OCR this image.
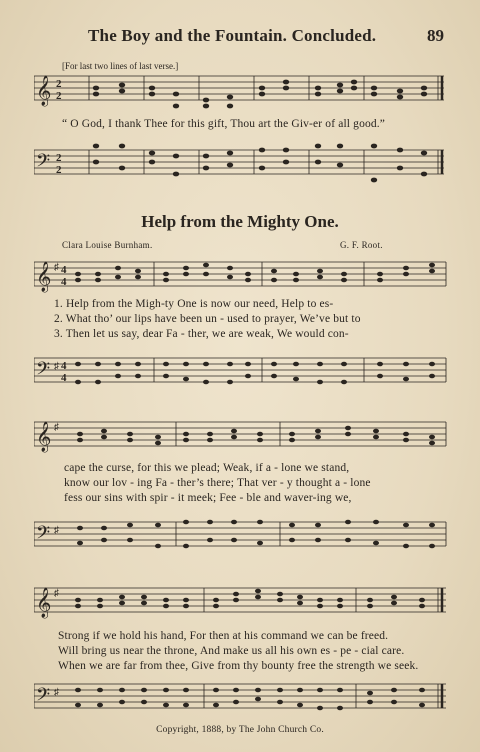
The Boy and the Fountain. Concluded.	89
[For last two lines of last verse.]
𝄞 2
2
“ O God, I thank Thee for this gift, Thou art the Giv-er of all good.”
𝄢 2
2
Help from the Mighty One.
Clara Louise Burnham.	G. F. Root.
𝄞 ♯ 4
4
1. Help from the Migh-ty One is now our need, Help to es-
2. What tho’ our lips have been un - used to prayer, We’ve but to
3. Then let us say, dear Fa - ther, we are weak, We would con-
𝄢 ♯ 4
4
𝄞 ♯
cape the curse, for this we plead; Weak, if a - lone we stand,
know our lov - ing Fa - ther’s there; That ver - y thought a - lone
fess our sins with spir - it meek; Fee - ble and waver-ing we,
𝄢 ♯
𝄞 ♯
Strong if we hold his hand, For then at his command we can be freed.
Will bring us near the throne, And make us all his own es - pe - cial care.
When we are far from thee, Give from thy bounty free the strength we seek.
𝄢 ♯
Copyright, 1888, by The John Church Co.
